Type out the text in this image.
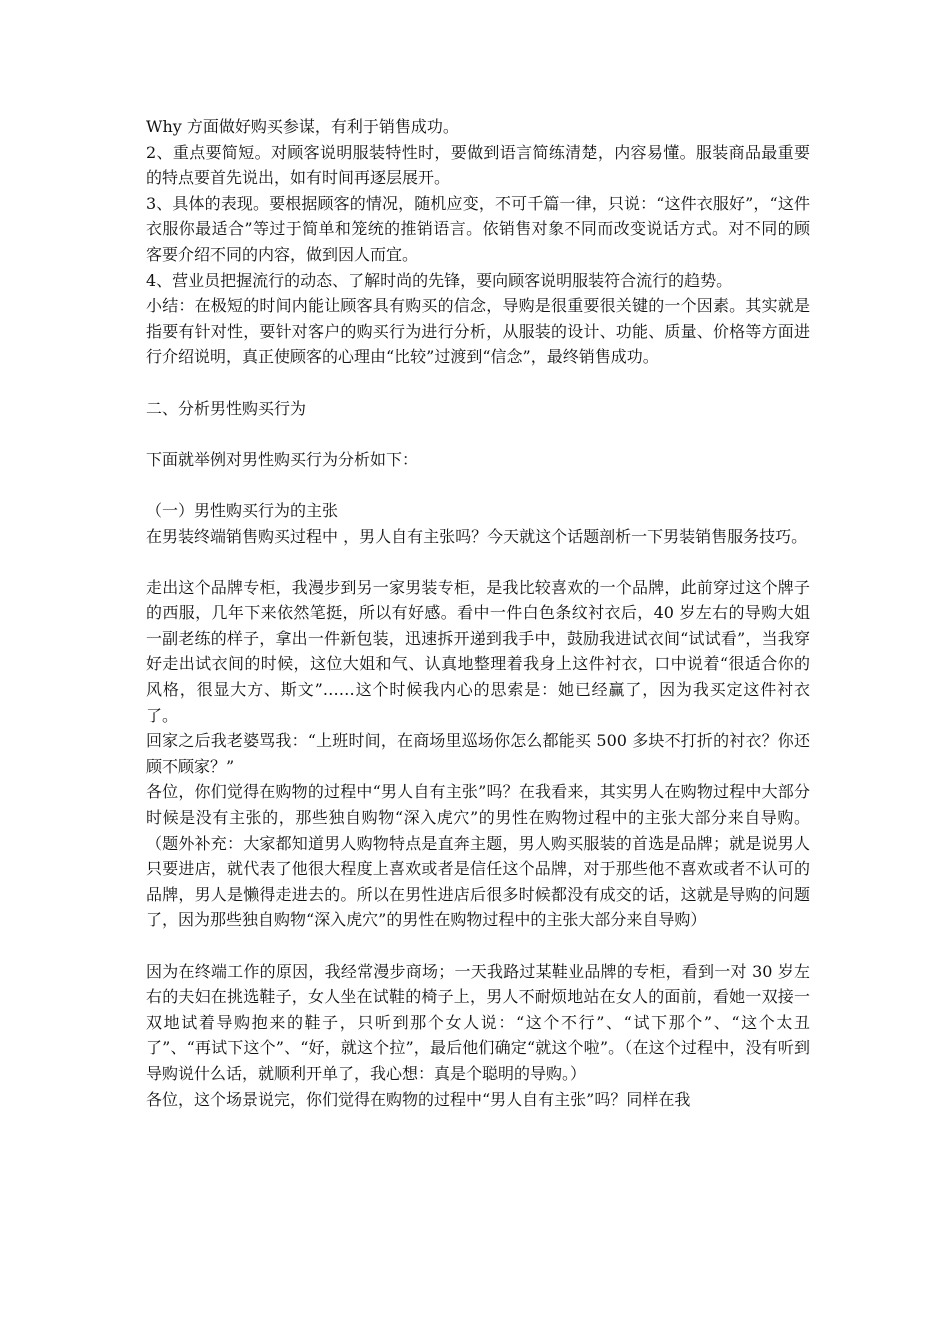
Why 方面做好购买参谋，有利于销售成功。

2、重点要简短。对顾客说明服装特性时，要做到语言简练清楚，内容易懂。服装商品最重要的特点要首先说出，如有时间再逐层展开。

3、具体的表现。要根据顾客的情况，随机应变，不可千篇一律，只说：“这件衣服好”，“这件衣服你最适合”等过于简单和笼统的推销语言。依销售对象不同而改变说话方式。对不同的顾客要介绍不同的内容，做到因人而宜。

4、营业员把握流行的动态、了解时尚的先锋，要向顾客说明服装符合流行的趋势。

小结：在极短的时间内能让顾客具有购买的信念，导购是很重要很关键的一个因素。其实就是指要有针对性，要针对客户的购买行为进行分析，从服装的设计、功能、质量、价格等方面进行介绍说明，真正使顾客的心理由“比较”过渡到“信念”，最终销售成功。

二、分析男性购买行为

下面就举例对男性购买行为分析如下：

（一）男性购买行为的主张

在男装终端销售购买过程中 ，男人自有主张吗？今天就这个话题剖析一下男装销售服务技巧。

走出这个品牌专柜，我漫步到另一家男装专柜，是我比较喜欢的一个品牌，此前穿过这个牌子的西服，几年下来依然笔挺，所以有好感。看中一件白色条纹衬衣后，40 岁左右的导购大姐一副老练的样子，拿出一件新包装，迅速拆开递到我手中，鼓励我进试衣间“试试看”，当我穿好走出试衣间的时候，这位大姐和气、认真地整理着我身上这件衬衣，口中说着“很适合你的风格，很显大方、斯文”……这个时候我内心的思索是：她已经赢了，因为我买定这件衬衣了。

回家之后我老婆骂我：“上班时间，在商场里巡场你怎么都能买 500 多块不打折的衬衣？你还顾不顾家？”

各位，你们觉得在购物的过程中“男人自有主张”吗？在我看来，其实男人在购物过程中大部分时候是没有主张的，那些独自购物“深入虎穴”的男性在购物过程中的主张大部分来自导购。（题外补充：大家都知道男人购物特点是直奔主题，男人购买服装的首选是品牌；就是说男人只要进店，就代表了他很大程度上喜欢或者是信任这个品牌，对于那些他不喜欢或者不认可的品牌，男人是懒得走进去的。所以在男性进店后很多时候都没有成交的话，这就是导购的问题了，因为那些独自购物“深入虎穴”的男性在购物过程中的主张大部分来自导购）

因为在终端工作的原因，我经常漫步商场；一天我路过某鞋业品牌的专柜，看到一对 30 岁左右的夫妇在挑选鞋子，女人坐在试鞋的椅子上，男人不耐烦地站在女人的面前，看她一双接一双地试着导购抱来的鞋子，只听到那个女人说：“这个不行”、“试下那个”、“这个太丑了”、“再试下这个”、“好，就这个拉”，最后他们确定“就这个啦”。（在这个过程中，没有听到导购说什么话，就顺利开单了，我心想：真是个聪明的导购。）

各位，这个场景说完，你们觉得在购物的过程中“男人自有主张”吗？同样在我
